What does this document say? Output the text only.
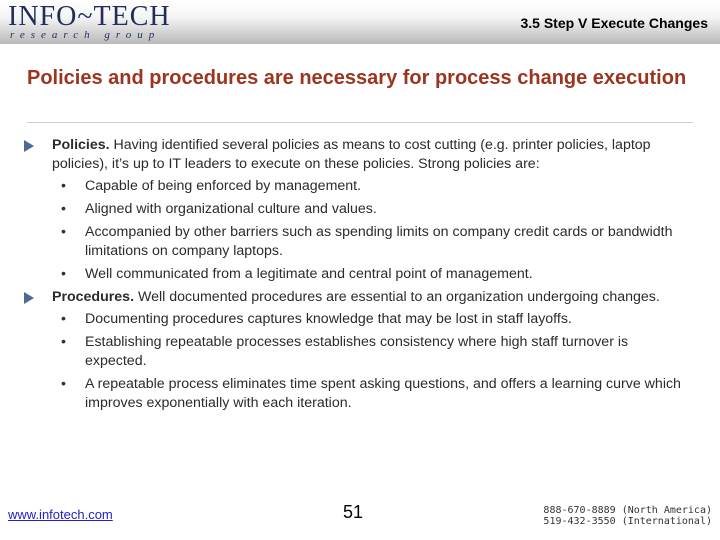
INFO~TECH
research group
3.5 Step V Execute Changes
Policies and procedures are necessary for process change execution
Policies. Having identified several policies as means to cost cutting (e.g. printer policies, laptop policies), it’s up to IT leaders to execute on these policies. Strong policies are:
• Capable of being enforced by management.
• Aligned with organizational culture and values.
• Accompanied by other barriers such as spending limits on company credit cards or bandwidth limitations on company laptops.
• Well communicated from a legitimate and central point of management.
Procedures. Well documented procedures are essential to an organization undergoing changes.
• Documenting procedures captures knowledge that may be lost in staff layoffs.
• Establishing repeatable processes establishes consistency where high staff turnover is expected.
• A repeatable process eliminates time spent asking questions, and offers a learning curve which improves exponentially with each iteration.
www.infotech.com	51	888-670-8889 (North America)
519-432-3550 (International)
